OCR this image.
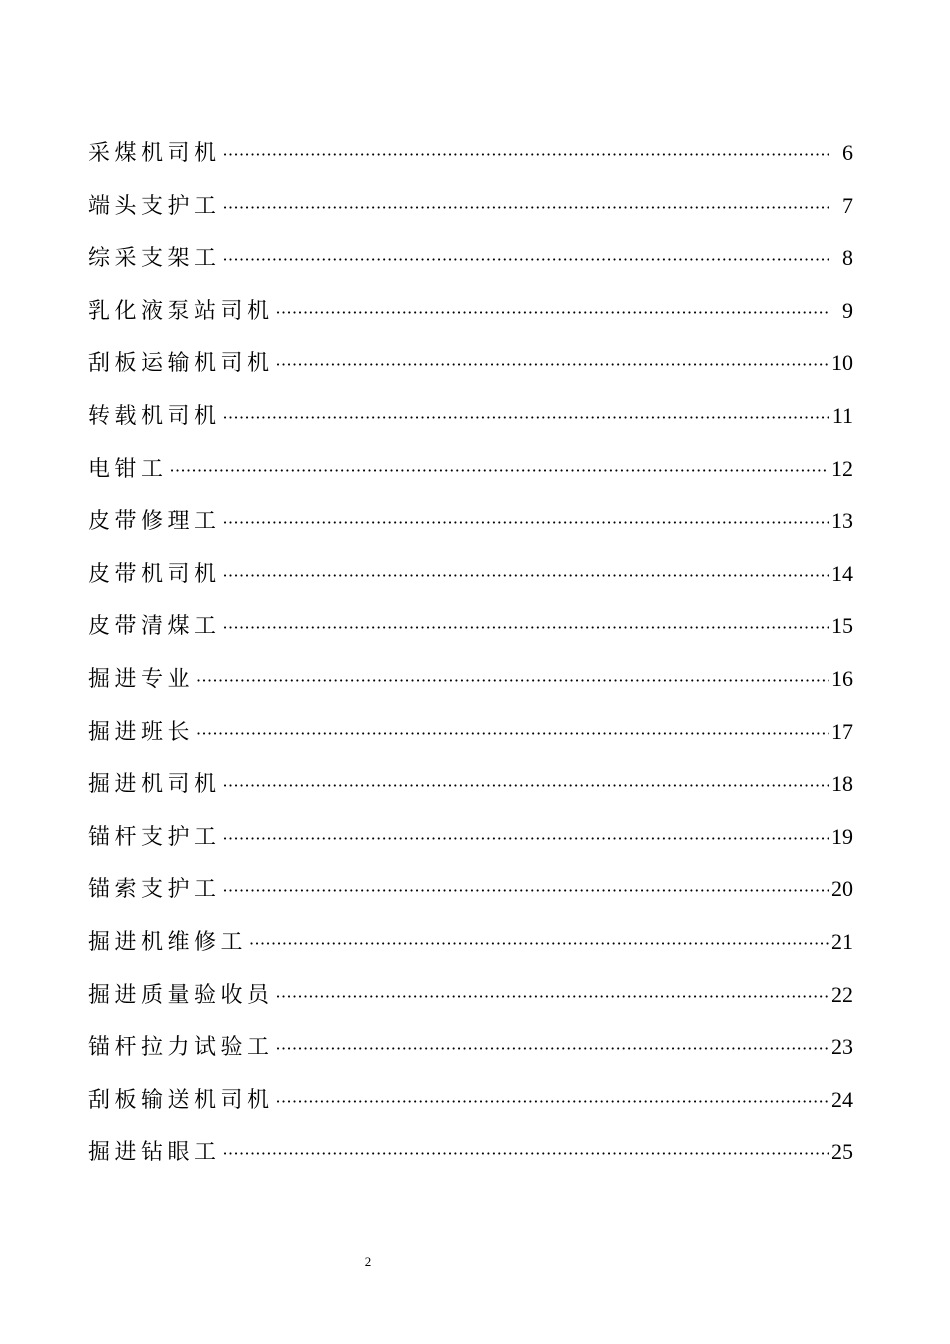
采煤机司机 ·····	6
端头支护工 ·····	7
综采支架工 ·····	8
乳化液泵站司机 ·····	9
刮板运输机司机 ·····	10
转载机司机 ·····	11
电钳工 ·····	12
皮带修理工 ·····	13
皮带机司机 ·····	14
皮带清煤工 ·····	15
掘进专业 ·····	16
掘进班长 ·····	17
掘进机司机 ·····	18
锚杆支护工 ·····	19
锚索支护工 ·····	20
掘进机维修工 ·····	21
掘进质量验收员 ·····	22
锚杆拉力试验工 ·····	23
刮板输送机司机 ·····	24
掘进钻眼工 ·····	25
2
